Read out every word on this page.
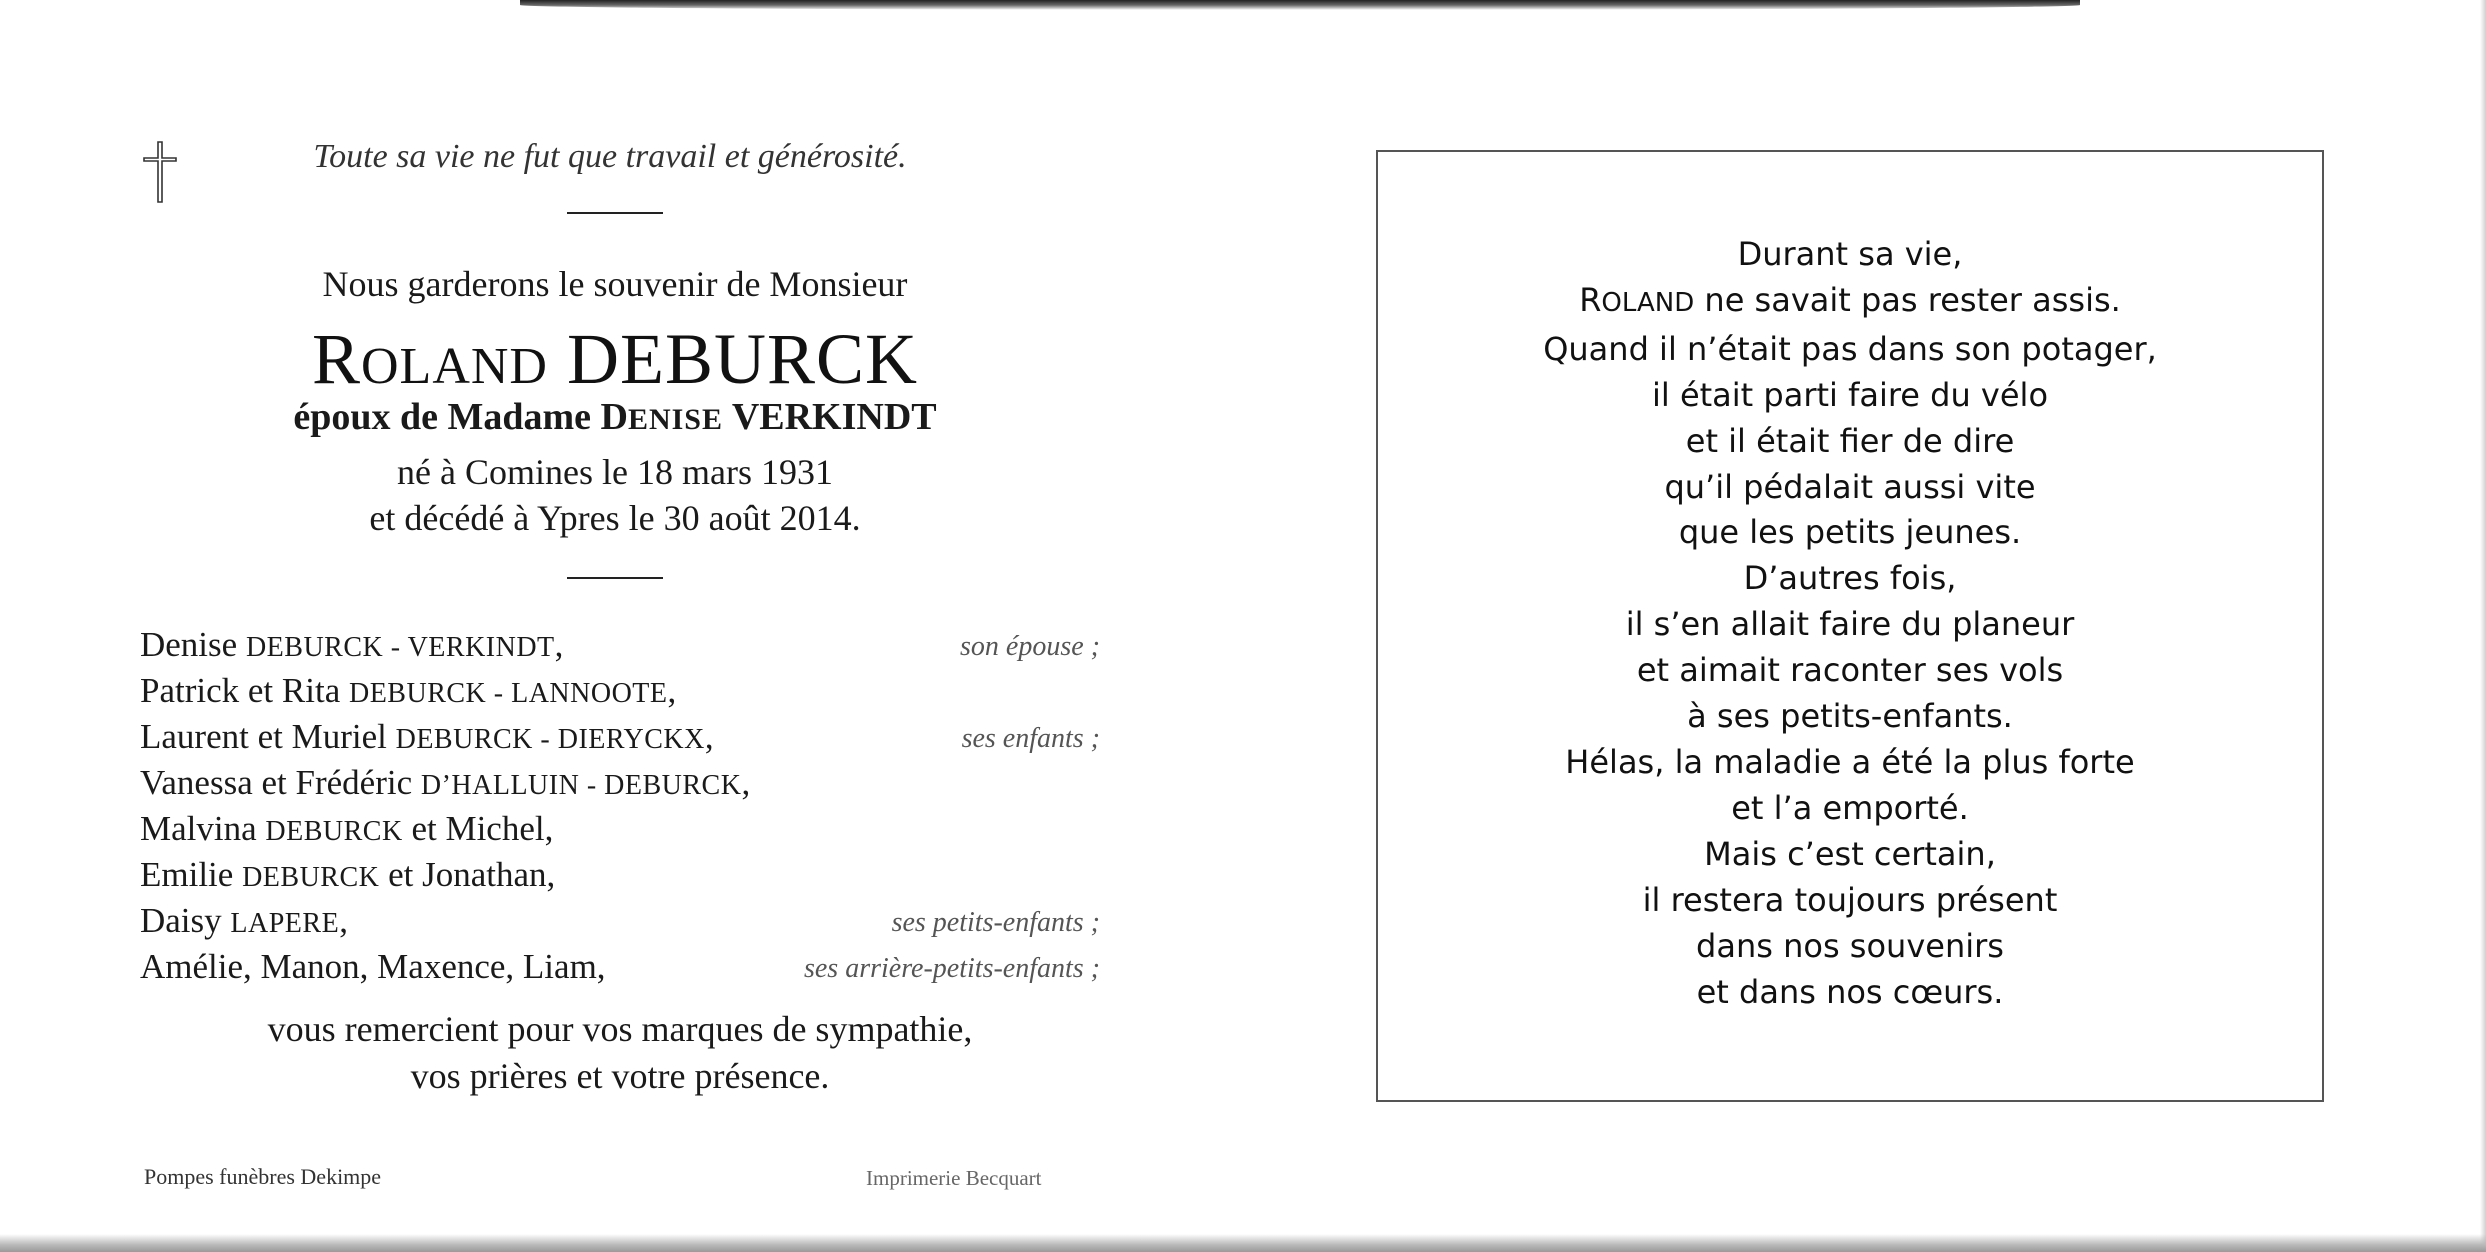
Toute sa vie ne fut que travail et générosité.
Nous garderons le souvenir de Monsieur
ROLAND DEBURCK
époux de Madame DENISE VERKINDT
né à Comines le 18 mars 1931
et décédé à Ypres le 30 août 2014.
Denise DEBURCK - VERKINDT,	son épouse ;
Patrick et Rita DEBURCK - LANNOOTE,
Laurent et Muriel DEBURCK - DIERYCKX,	ses enfants ;
Vanessa et Frédéric D’HALLUIN - DEBURCK,
Malvina DEBURCK et Michel,
Emilie DEBURCK et Jonathan,
Daisy LAPERE,	ses petits-enfants ;
Amélie, Manon, Maxence, Liam,	ses arrière-petits-enfants ;
vous remercient pour vos marques de sympathie,
vos prières et votre présence.
Pompes funèbres Dekimpe	Imprimerie Becquart
Durant sa vie,
ROLAND ne savait pas rester assis.
Quand il n’était pas dans son potager,
il était parti faire du vélo
et il était fier de dire
qu’il pédalait aussi vite
que les petits jeunes.
D’autres fois,
il s’en allait faire du planeur
et aimait raconter ses vols
à ses petits-enfants.
Hélas, la maladie a été la plus forte
et l’a emporté.
Mais c’est certain,
il restera toujours présent
dans nos souvenirs
et dans nos cœurs.
